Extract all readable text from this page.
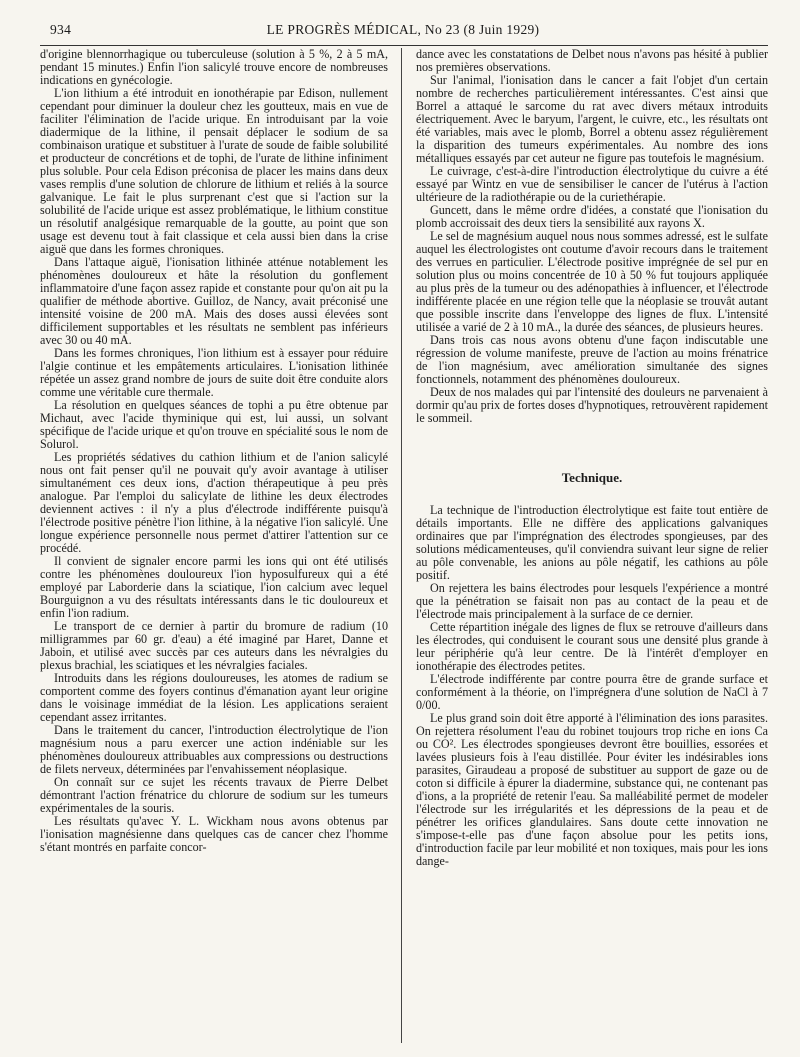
934	LE PROGRÈS MÉDICAL, No 23 (8 Juin 1929)

d'origine blennorrhagique ou tuberculeuse (solution à 5 %, 2 à 5 mA, pendant 15 minutes.) Enfin l'ion salicylé trouve encore de nombreuses indications en gynécologie.

L'ion lithium a été introduit en ionothérapie par Edison, nullement cependant pour diminuer la douleur chez les goutteux, mais en vue de faciliter l'élimination de l'acide urique. En introduisant par la voie diadermique de la lithine, il pensait déplacer le sodium de sa combinaison uratique et substituer à l'urate de soude de faible solubilité et producteur de concrétions et de tophi, de l'urate de lithine infiniment plus soluble. Pour cela Edison préconisa de placer les mains dans deux vases remplis d'une solution de chlorure de lithium et reliés à la source galvanique. Le fait le plus surprenant c'est que si l'action sur la solubilité de l'acide urique est assez problématique, le lithium constitue un résolutif analgésique remarquable de la goutte, au point que son usage est devenu tout à fait classique et cela aussi bien dans la crise aiguë que dans les formes chroniques.

Dans l'attaque aiguë, l'ionisation lithinée atténue notablement les phénomènes douloureux et hâte la résolution du gonflement inflammatoire d'une façon assez rapide et constante pour qu'on ait pu la qualifier de méthode abortive. Guilloz, de Nancy, avait préconisé une intensité voisine de 200 mA. Mais des doses aussi élevées sont difficilement supportables et les résultats ne semblent pas inférieurs avec 30 ou 40 mA.

Dans les formes chroniques, l'ion lithium est à essayer pour réduire l'algie continue et les empâtements articulaires. L'ionisation lithinée répétée un assez grand nombre de jours de suite doit être conduite alors comme une véritable cure thermale.

La résolution en quelques séances de tophi a pu être obtenue par Michaut, avec l'acide thyminique qui est, lui aussi, un solvant spécifique de l'acide urique et qu'on trouve en spécialité sous le nom de Solurol.

Les propriétés sédatives du cathion lithium et de l'anion salicylé nous ont fait penser qu'il ne pouvait qu'y avoir avantage à utiliser simultanément ces deux ions, d'action thérapeutique à peu près analogue. Par l'emploi du salicylate de lithine les deux électrodes deviennent actives : il n'y a plus d'électrode indifférente puisqu'à l'électrode positive pénètre l'ion lithine, à la négative l'ion salicylé. Une longue expérience personnelle nous permet d'attirer l'attention sur ce procédé.

Il convient de signaler encore parmi les ions qui ont été utilisés contre les phénomènes douloureux l'ion hyposulfureux qui a été employé par Laborderie dans la sciatique, l'ion calcium avec lequel Bourguignon a vu des résultats intéressants dans le tic douloureux et enfin l'ion radium.

Le transport de ce dernier à partir du bromure de radium (10 milligrammes par 60 gr. d'eau) a été imaginé par Haret, Danne et Jaboin, et utilisé avec succès par ces auteurs dans les névralgies du plexus brachial, les sciatiques et les névralgies faciales.

Introduits dans les régions douloureuses, les atomes de radium se comportent comme des foyers continus d'émanation ayant leur origine dans le voisinage immédiat de la lésion. Les applications seraient cependant assez irritantes.

Dans le traitement du cancer, l'introduction électrolytique de l'ion magnésium nous a paru exercer une action indéniable sur les phénomènes douloureux attribuables aux compressions ou destructions de filets nerveux, déterminées par l'envahissement néoplasique.

On connaît sur ce sujet les récents travaux de Pierre Delbet démontrant l'action frénatrice du chlorure de sodium sur les tumeurs expérimentales de la souris.

Les résultats qu'avec Y. L. Wickham nous avons obtenus par l'ionisation magnésienne dans quelques cas de cancer chez l'homme s'étant montrés en parfaite concor-

dance avec les constatations de Delbet nous n'avons pas hésité à publier nos premières observations.

Sur l'animal, l'ionisation dans le cancer a fait l'objet d'un certain nombre de recherches particulièrement intéressantes. C'est ainsi que Borrel a attaqué le sarcome du rat avec divers métaux introduits électriquement. Avec le baryum, l'argent, le cuivre, etc., les résultats ont été variables, mais avec le plomb, Borrel a obtenu assez régulièrement la disparition des tumeurs expérimentales. Au nombre des ions métalliques essayés par cet auteur ne figure pas toutefois le magnésium.

Le cuivrage, c'est-à-dire l'introduction électrolytique du cuivre a été essayé par Wintz en vue de sensibiliser le cancer de l'utérus à l'action ultérieure de la radiothérapie ou de la curiethérapie.

Guncett, dans le même ordre d'idées, a constaté que l'ionisation du plomb accroissait des deux tiers la sensibilité aux rayons X.

Le sel de magnésium auquel nous nous sommes adressé, est le sulfate auquel les électrologistes ont coutume d'avoir recours dans le traitement des verrues en particulier. L'électrode positive imprégnée de sel pur en solution plus ou moins concentrée de 10 à 50 % fut toujours appliquée au plus près de la tumeur ou des adénopathies à influencer, et l'électrode indifférente placée en une région telle que la néoplasie se trouvât autant que possible inscrite dans l'enveloppe des lignes de flux. L'intensité utilisée a varié de 2 à 10 mA., la durée des séances, de plusieurs heures.

Dans trois cas nous avons obtenu d'une façon indiscutable une régression de volume manifeste, preuve de l'action au moins frénatrice de l'ion magnésium, avec amélioration simultanée des signes fonctionnels, notamment des phénomènes douloureux.

Deux de nos malades qui par l'intensité des douleurs ne parvenaient à dormir qu'au prix de fortes doses d'hypnotiques, retrouvèrent rapidement le sommeil.

Technique.

La technique de l'introduction électrolytique est faite tout entière de détails importants. Elle ne diffère des applications galvaniques ordinaires que par l'imprégnation des électrodes spongieuses, par des solutions médicamenteuses, qu'il conviendra suivant leur signe de relier au pôle convenable, les anions au pôle négatif, les cathions au pôle positif.

On rejettera les bains électrodes pour lesquels l'expérience a montré que la pénétration se faisait non pas au contact de la peau et de l'électrode mais principalement à la surface de ce dernier.

Cette répartition inégale des lignes de flux se retrouve d'ailleurs dans les électrodes, qui conduisent le courant sous une densité plus grande à leur périphérie qu'à leur centre. De là l'intérêt d'employer en ionothérapie des électrodes petites.

L'électrode indifférente par contre pourra être de grande surface et conformément à la théorie, on l'imprégnera d'une solution de NaCl à 7 0/00.

Le plus grand soin doit être apporté à l'élimination des ions parasites. On rejettera résolument l'eau du robinet toujours trop riche en ions Ca ou CO². Les électrodes spongieuses devront être bouillies, essorées et lavées plusieurs fois à l'eau distillée. Pour éviter les indésirables ions parasites, Giraudeau a proposé de substituer au support de gaze ou de coton si difficile à épurer la diadermine, substance qui, ne contenant pas d'ions, a la propriété de retenir l'eau. Sa malléabilité permet de modeler l'électrode sur les irrégularités et les dépressions de la peau et de pénétrer les orifices glandulaires. Sans doute cette innovation ne s'impose-t-elle pas d'une façon absolue pour les petits ions, d'introduction facile par leur mobilité et non toxiques, mais pour les ions dange-
